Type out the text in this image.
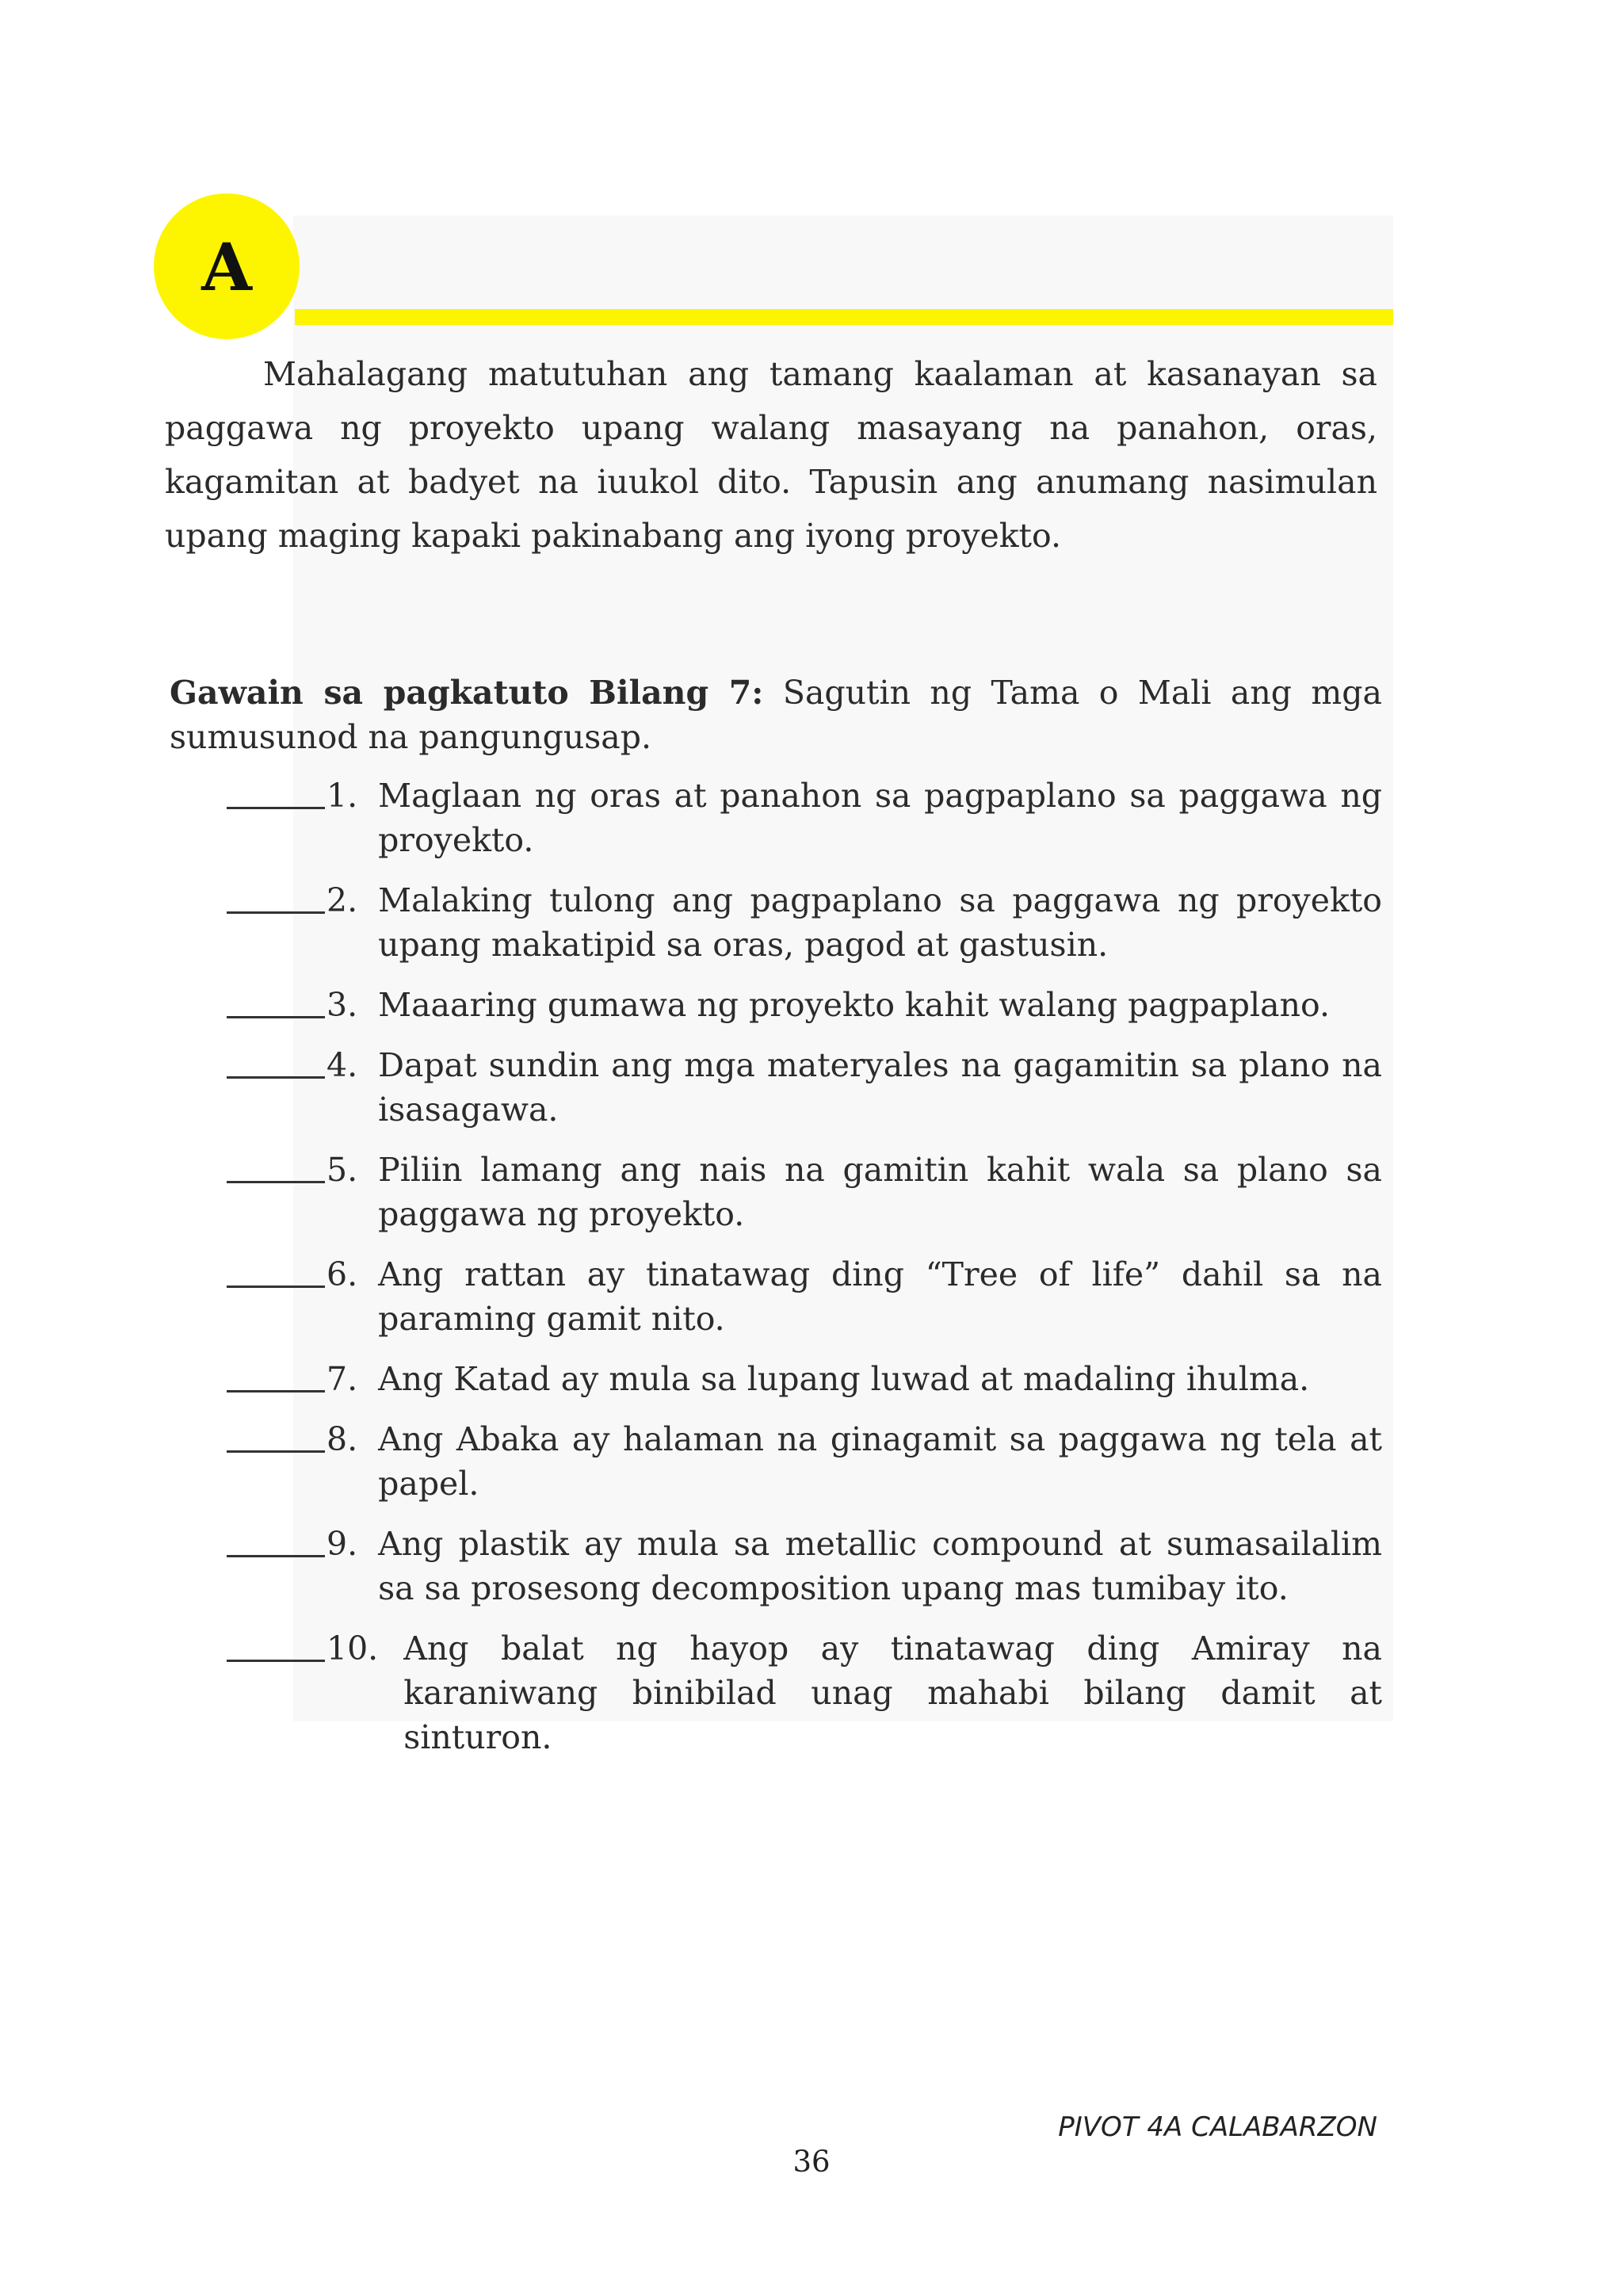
A

Mahalagang matutuhan ang tamang kaalaman at kasanayan sa paggawa ng proyekto upang walang masayang na panahon, oras, kagamitan at badyet na iuukol dito. Tapusin ang anumang nasimulan upang maging kapaki pakinabang ang iyong proyekto.

Gawain sa pagkatuto Bilang 7: Sagutin ng Tama o Mali ang mga sumusunod na pangungusap.

1. Maglaan ng oras at panahon sa pagpaplano sa paggawa ng proyekto.
2. Malaking tulong ang pagpaplano sa paggawa ng proyekto upang makatipid sa oras, pagod at gastusin.
3. Maaaring gumawa ng proyekto kahit walang pagpaplano.
4. Dapat sundin ang mga materyales na gagamitin sa plano na isasagawa.
5. Piliin lamang ang nais na gamitin kahit wala sa plano sa paggawa ng proyekto.
6. Ang rattan ay tinatawag ding “Tree of life” dahil sa na paraming gamit nito.
7. Ang Katad ay mula sa lupang luwad at madaling ihulma.
8. Ang Abaka ay halaman na ginagamit sa paggawa ng tela at papel.
9. Ang plastik ay mula sa metallic compound at sumasailalim sa sa prosesong decomposition upang mas tumibay ito.
10. Ang balat ng hayop ay tinatawag ding Amiray na karaniwang binibilad unag mahabi bilang damit at sinturon.
PIVOT 4A CALABARZON
36
